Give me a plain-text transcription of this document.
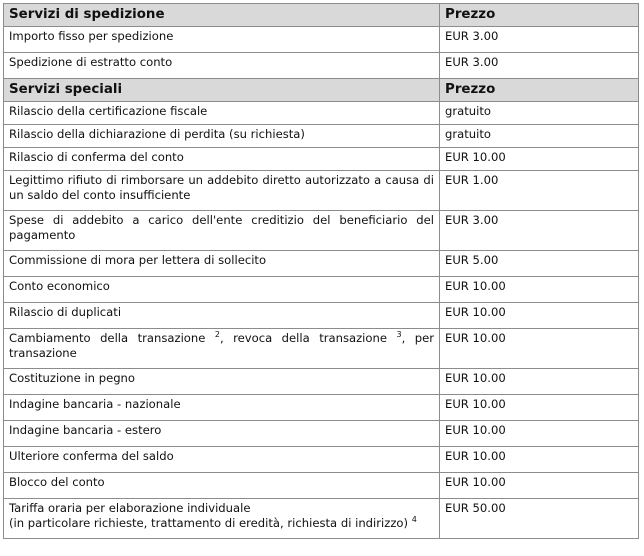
Servizi di spedizione	Prezzo
Importo fisso per spedizione	EUR 3.00
Spedizione di estratto conto	EUR 3.00
Servizi speciali	Prezzo
Rilascio della certificazione fiscale	gratuito
Rilascio della dichiarazione di perdita (su richiesta)	gratuito
Rilascio di conferma del conto	EUR 10.00
Legittimo rifiuto di rimborsare un addebito diretto autorizzato a causa di un saldo del conto insufficiente	EUR 1.00
Spese di addebito a carico dell'ente creditizio del beneficiario del pagamento	EUR 3.00
Commissione di mora per lettera di sollecito	EUR 5.00
Conto economico	EUR 10.00
Rilascio di duplicati	EUR 10.00
Cambiamento della transazione $^2$, revoca della transazione $^3$, per transazione	EUR 10.00
Costituzione in pegno	EUR 10.00
Indagine bancaria - nazionale	EUR 10.00
Indagine bancaria - estero	EUR 10.00
Ulteriore conferma del saldo	EUR 10.00
Blocco del conto	EUR 10.00
Tariffa oraria per elaborazione individuale
(in particolare richieste, trattamento di eredità, richiesta di indirizzo) $^4$	EUR 50.00
